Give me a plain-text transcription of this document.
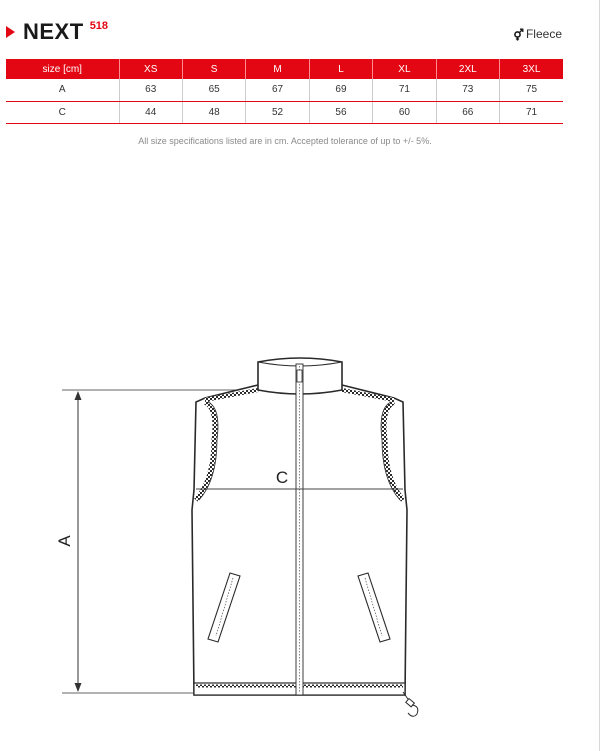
NEXT 518
Fleece
size [cm]	XS	S	M	L	XL	2XL	3XL
A	63	65	67	69	71	73	75
C	44	48	52	56	60	66	71
All size specifications listed are in cm. Accepted tolerance of up to +/- 5%.
A
C
